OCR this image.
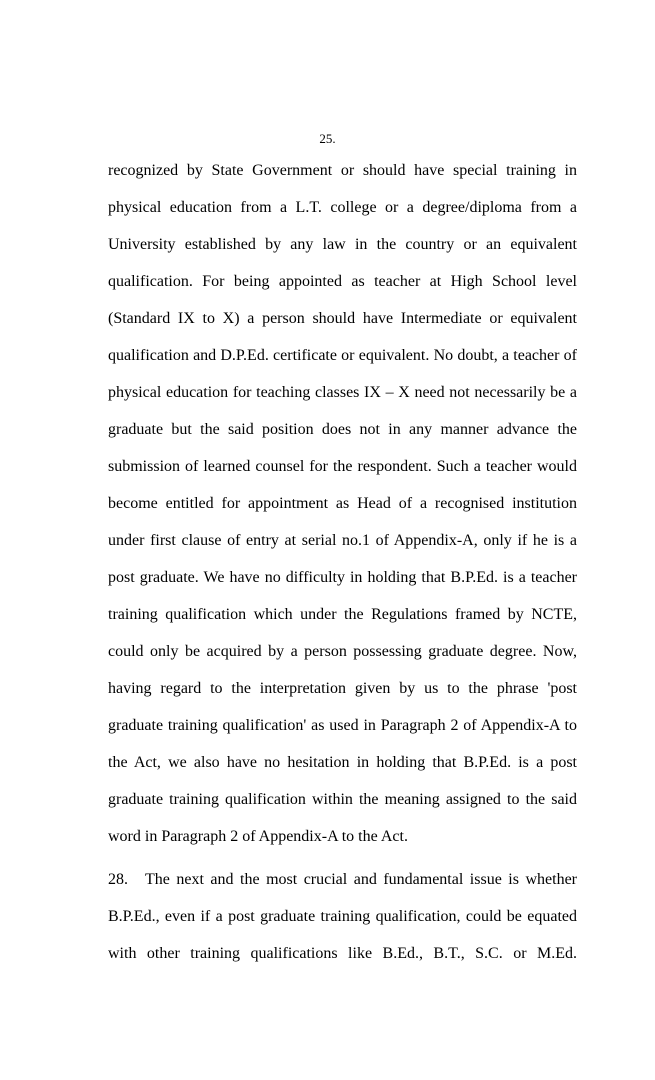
25.
recognized by State Government or should have special training in
physical education from a L.T. college or a degree/diploma from a
University established by any law in the country or an equivalent
qualification. For being appointed as teacher at High School level
(Standard IX to X) a person should have Intermediate or equivalent
qualification and D.P.Ed. certificate or equivalent. No doubt, a teacher of
physical education for teaching classes IX – X need not necessarily be a
graduate but the said position does not in any manner advance the
submission of learned counsel for the respondent. Such a teacher would
become entitled for appointment as Head of a recognised institution
under first clause of entry at serial no.1 of Appendix-A, only if he is a
post graduate. We have no difficulty in holding that B.P.Ed. is a teacher
training qualification which under the Regulations framed by NCTE,
could only be acquired by a person possessing graduate degree. Now,
having regard to the interpretation given by us to the phrase 'post
graduate training qualification' as used in Paragraph 2 of Appendix-A to
the Act, we also have no hesitation in holding that B.P.Ed. is a post
graduate training qualification within the meaning assigned to the said
word in Paragraph 2 of Appendix-A to the Act.
28. The next and the most crucial and fundamental issue is whether
B.P.Ed., even if a post graduate training qualification, could be equated
with other training qualifications like B.Ed., B.T., S.C. or M.Ed.
